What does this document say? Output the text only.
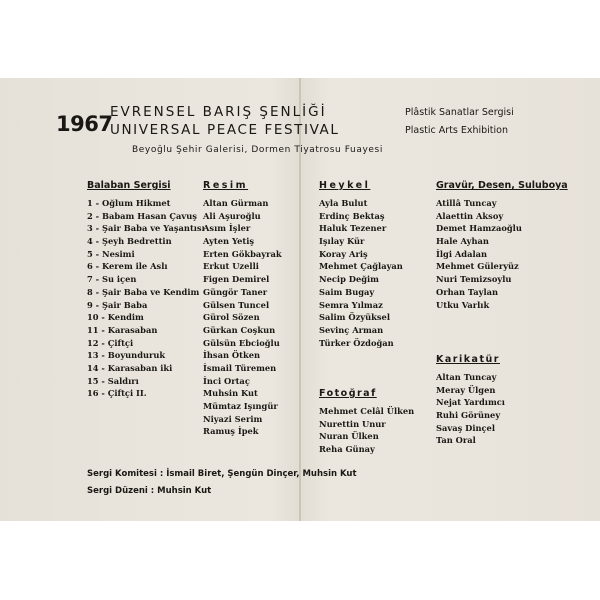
1967
EVRENSEL BARIŞ ŞENLİĞİ
UNIVERSAL PEACE FESTIVAL
Plâstik Sanatlar Sergisi
Plastic Arts Exhibition
Beyoğlu Şehir Galerisi, Dormen Tiyatrosu Fuayesi
Balaban Sergisi
1 - Oğlum Hikmet
2 - Babam Hasan Çavuş
3 - Şair Baba ve Yaşantısı
4 - Şeyh Bedrettin
5 - Nesimi
6 - Kerem ile Aslı
7 - Su içen
8 - Şair Baba ve Kendim
9 - Şair Baba
10 - Kendim
11 - Karasaban
12 - Çiftçi
13 - Boyunduruk
14 - Karasaban iki
15 - Saldırı
16 - Çiftçi II.
Resim
Altan Gürman
Ali Aşuroğlu
Asım İşler
Ayten Yetiş
Erten Gökbayrak
Erkut Uzelli
Figen Demirel
Güngör Taner
Gülsen Tuncel
Gürol Sözen
Gürkan Coşkun
Gülsün Ebcioğlu
İhsan Ötken
İsmail Türemen
İnci Ortaç
Muhsin Kut
Mümtaz Işıngür
Niyazi Serim
Ramuş İpek
Heykel
Ayla Bulut
Erdinç Bektaş
Haluk Tezener
Işılay Kür
Koray Ariş
Mehmet Çağlayan
Necip Değim
Saim Bugay
Semra Yılmaz
Salim Özyüksel
Sevinç Arman
Türker Özdoğan
Fotoğraf
Mehmet Celâl Ülken
Nurettin Unur
Nuran Ülken
Reha Günay
Gravür, Desen, Suluboya
Atillâ Tuncay
Alaettin Aksoy
Demet Hamzaoğlu
Hale Ayhan
İlgi Adalan
Mehmet Güleryüz
Nuri Temizsoylu
Orhan Taylan
Utku Varlık
Karikatür
Altan Tuncay
Meray Ülgen
Nejat Yardımcı
Ruhi Görüney
Savaş Dinçel
Tan Oral
Sergi Komitesi : İsmail Biret, Şengün Dinçer, Muhsin Kut
Sergi Düzeni : Muhsin Kut
